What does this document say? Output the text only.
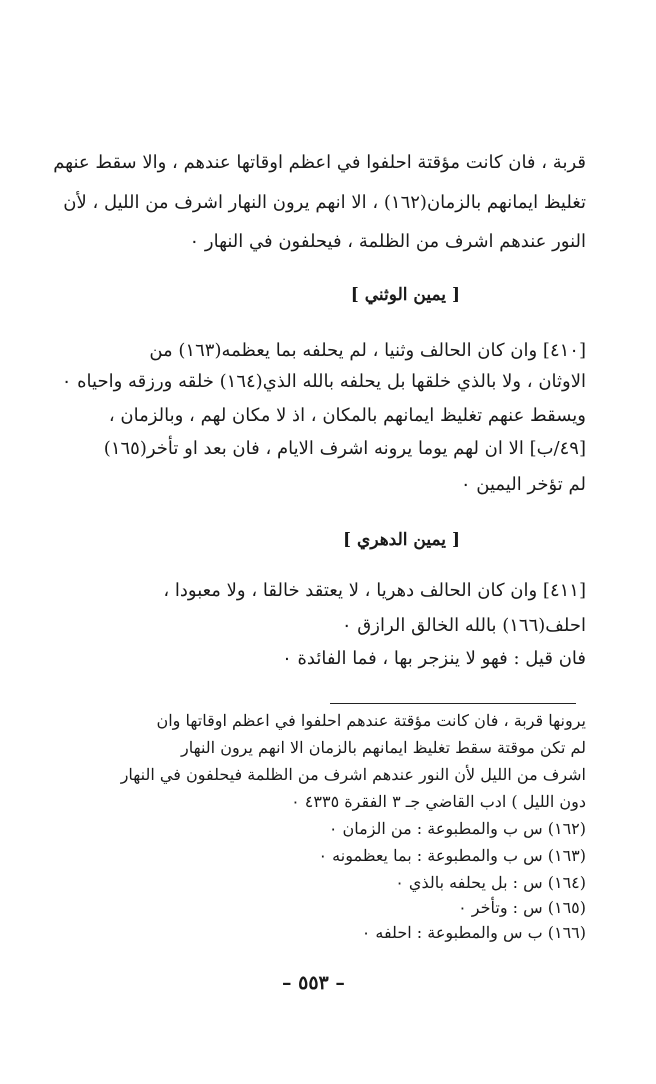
قربة ، فان كانت مؤقتة احلفوا في اعظم اوقاتها عندهم ، والا سقط عنهم
تغليظ ايمانهم بالزمان(١٦٢) ، الا انهم يرون النهار اشرف من الليل ، لأن
النور عندهم اشرف من الظلمة ، فيحلفون في النهار ٠
[ يمين الوثني ]
[٤١٠] وان كان الحالف وثنيا ، لم يحلفه بما يعظمه(١٦٣) من
الاوثان ، ولا بالذي خلقها بل يحلفه بالله الذي(١٦٤) خلقه ورزقه واحياه ٠
ويسقط عنهم تغليظ ايمانهم بالمكان ، اذ لا مكان لهم ، وبالزمان ،
[٤٩/ب] الا ان لهم يوما يرونه اشرف الايام ، فان بعد او تأخر(١٦٥)
لم تؤخر اليمين ٠
[ يمين الدهري ]
[٤١١] وان كان الحالف دهريا ، لا يعتقد خالقا ، ولا معبودا ،
احلف(١٦٦) بالله الخالق الرازق ٠
فان قيل : فهو لا ينزجر بها ، فما الفائدة ٠
يرونها قربة ، فان كانت مؤقتة عندهم احلفوا في اعظم اوقاتها وان
لم تكن موقتة سقط تغليظ ايمانهم بالزمان الا انهم يرون النهار
اشرف من الليل لأن النور عندهم اشرف من الظلمة فيحلفون في النهار
دون الليل ) ادب القاضي جـ ٣ الفقرة ٤٣٣٥ ٠
(١٦٢) س ب والمطبوعة : من الزمان ٠
(١٦٣) س ب والمطبوعة : بما يعظمونه ٠
(١٦٤) س : بل يحلفه بالذي ٠
(١٦٥) س : وتأخر ٠
(١٦٦) ب س والمطبوعة : احلفه ٠
– ٥٥٣ –
